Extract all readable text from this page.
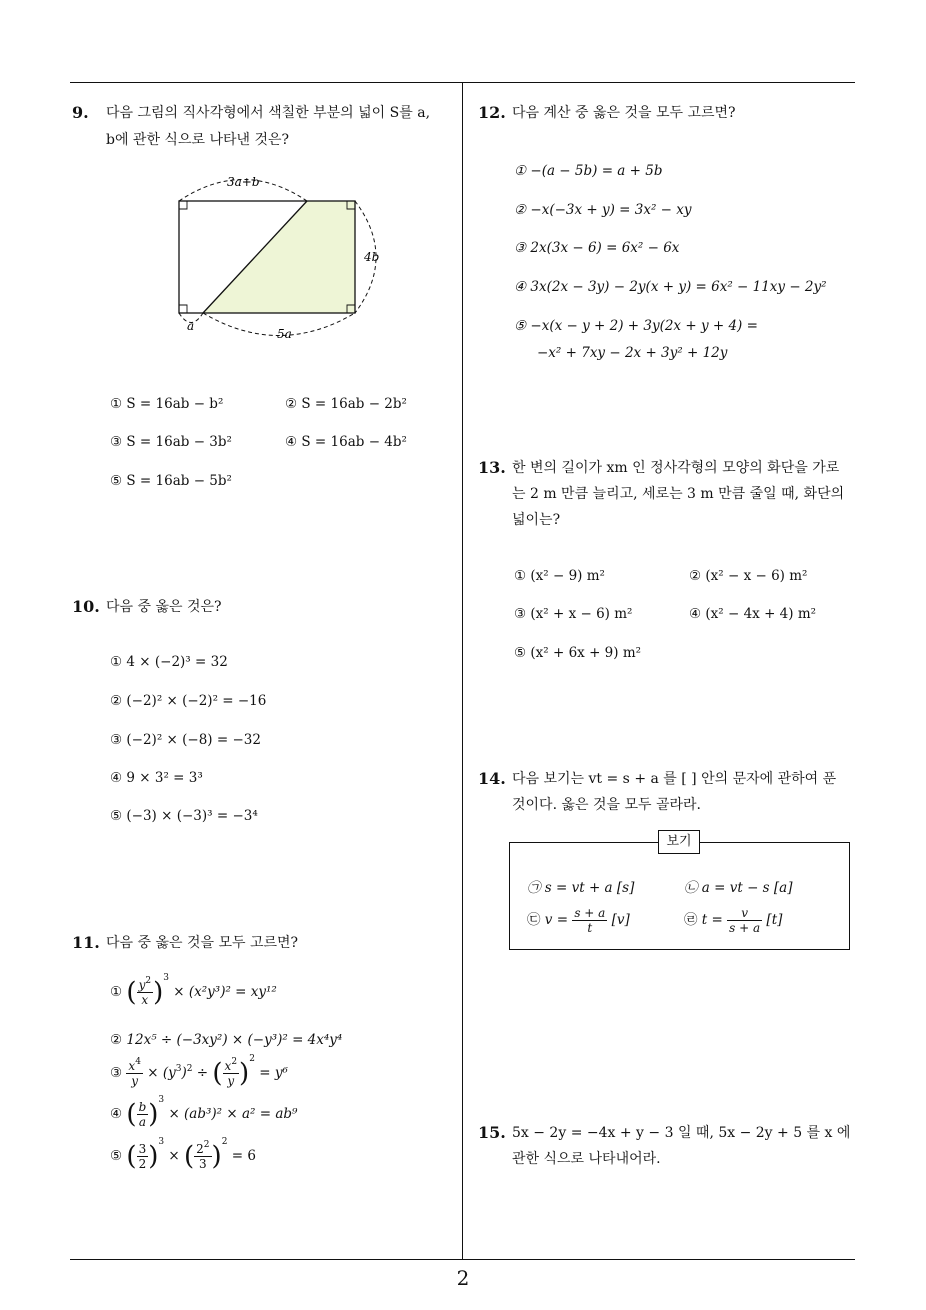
9. 다음 그림의 직사각형에서 색칠한 부분의 넓이 S를 a,
b에 관한 식으로 나타낸 것은?
3a+b
4b
5a
a
① S = 16ab − b²	② S = 16ab − 2b²
③ S = 16ab − 3b²	④ S = 16ab − 4b²
⑤ S = 16ab − 5b²
10. 다음 중 옳은 것은?
① 4 × (−2)³ = 32
② (−2)² × (−2)² = −16
③ (−2)² × (−8) = −32
④ 9 × 3² = 3³
⑤ (−3) × (−3)³ = −3⁴
11. 다음 중 옳은 것을 모두 고르면?
① ( $\frac{y^2}{x} )^3 \times (x^2y^3)^2 = xy^{12}$
② 12x⁵ ÷ (−3xy²) × (−y³)² = 4x⁴y⁴
③ $\frac{x^4}{y} \times (y^3)^2$ ÷ ( $\frac{x^2}{y} )^2 = y^6$
④ ( $\frac{b}{a} )^3 \times (ab^3)^2 \times a^2 = ab^9$
⑤ ( $\frac{3}{2} )^3$ × ( $\frac{2^2}{3} )^2 = 6$
12. 다음 계산 중 옳은 것을 모두 고르면?
① −(a − 5b) = a + 5b
② −x(−3x + y) = 3x² − xy
③ 2x(3x − 6) = 6x² − 6x
④ 3x(2x − 3y) − 2y(x + y) = 6x² − 11xy − 2y²
⑤ −x(x − y + 2) + 3y(2x + y + 4) =
−x² + 7xy − 2x + 3y² + 12y
13. 한 변의 길이가 xm 인 정사각형의 모양의 화단을 가로
는 2 m 만큼 늘리고, 세로는 3 m 만큼 줄일 때, 화단의
넓이는?
① (x² − 9) m²	② (x² − x − 6) m²
③ (x² + x − 6) m²	④ (x² − 4x + 4) m²
⑤ (x² + 6x + 9) m²
14. 다음 보기는 vt = s + a 를 [ ] 안의 문자에 관하여 푼
것이다. 옳은 것을 모두 골라라.
보기
㉠ s = vt + a [s]	㉡ a = vt − s [a]
㉢ $v = \frac{s + a}{t} [v]$	㉣ $t = \frac{v}{s + a} [t]$
15. 5x − 2y = −4x + y − 3 일 때, 5x − 2y + 5 를 x 에
관한 식으로 나타내어라.
2
